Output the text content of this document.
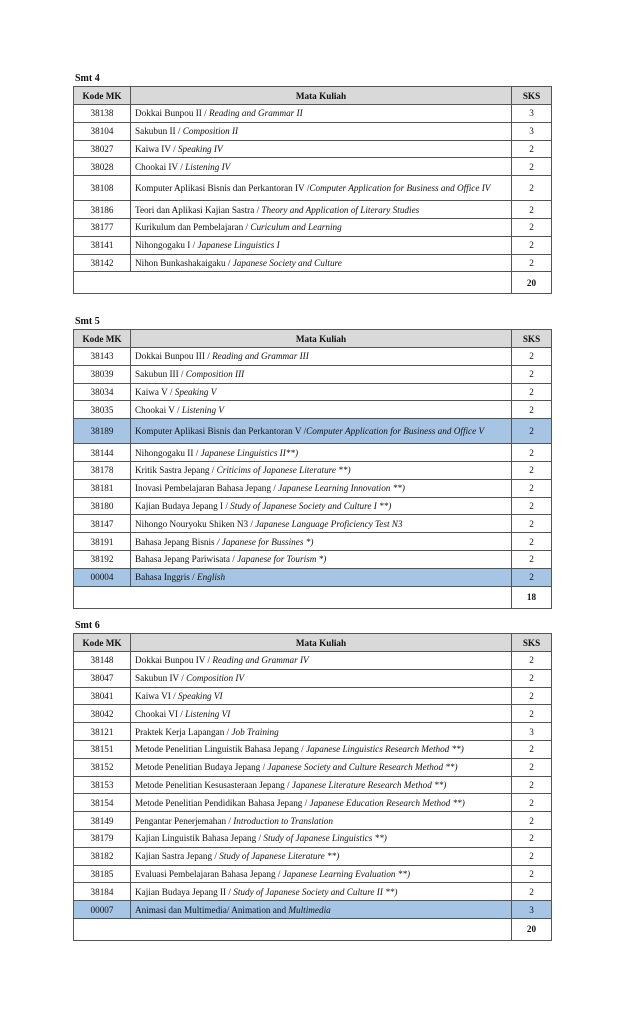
Smt 4
Kode MK	Mata Kuliah	SKS
38138	Dokkai Bunpou II / Reading and Grammar II	3
38104	Sakubun II / Composition II	3
38027	Kaiwa IV / Speaking IV	2
38028	Chookai IV / Listening IV	2
38108	Komputer Aplikasi Bisnis dan Perkantoran IV /Computer Application for Business and Office IV	2
38186	Teori dan Aplikasi Kajian Sastra / Theory and Application of Literary Studies	2
38177	Kurikulum dan Pembelajaran / Curiculum and Learning	2
38141	Nihongogaku I / Japanese Linguistics I	2
38142	Nihon Bunkashakaigaku / Japanese Society and Culture	2
		20
Smt 5
Kode MK	Mata Kuliah	SKS
38143	Dokkai Bunpou III / Reading and Grammar III	2
38039	Sakubun III / Composition III	2
38034	Kaiwa V / Speaking V	2
38035	Chookai V / Listening V	2
38189	Komputer Aplikasi Bisnis dan Perkantoran V /Computer Application for Business and Office V	2
38144	Nihongogaku II / Japanese Linguistics II**)	2
38178	Kritik Sastra Jepang / Criticims of Japanese Literature **)	2
38181	Inovasi Pembelajaran Bahasa Jepang / Japanese Learning Innovation **)	2
38180	Kajian Budaya Jepang I / Study of Japanese Society and Culture I **)	2
38147	Nihongo Nouryoku Shiken N3 / Japanese Language Proficiency Test N3	2
38191	Bahasa Jepang Bisnis / Japanese for Bussines *)	2
38192	Bahasa Jepang Pariwisata / Japanese for Tourism *)	2
00004	Bahasa Inggris / English	2
		18
Smt 6
Kode MK	Mata Kuliah	SKS
38148	Dokkai Bunpou IV / Reading and Grammar IV	2
38047	Sakubun IV / Composition IV	2
38041	Kaiwa VI / Speaking VI	2
38042	Chookai VI / Listening VI	2
38121	Praktek Kerja Lapangan / Job Training	3
38151	Metode Penelitian Linguistik Bahasa Jepang / Japanese Linguistics Research Method **)	2
38152	Metode Penelitian Budaya Jepang / Japanese Society and Culture Research Method **)	2
38153	Metode Penelitian Kesusasteraan Jepang / Japanese Literature Research Method **)	2
38154	Metode Penelitian Pendidikan Bahasa Jepang / Japanese Education Research Method **)	2
38149	Pengantar Penerjemahan / Introduction to Translation	2
38179	Kajian Linguistik Bahasa Jepang / Study of Japanese Linguistics **)	2
38182	Kajian Sastra Jepang / Study of Japanese Literature **)	2
38185	Evaluasi Pembelajaran Bahasa Jepang / Japanese Learning Evaluation **)	2
38184	Kajian Budaya Jepang II / Study of Japanese Society and Culture II **)	2
00007	Animasi dan Multimedia/ Animation and Multimedia	3
		20
